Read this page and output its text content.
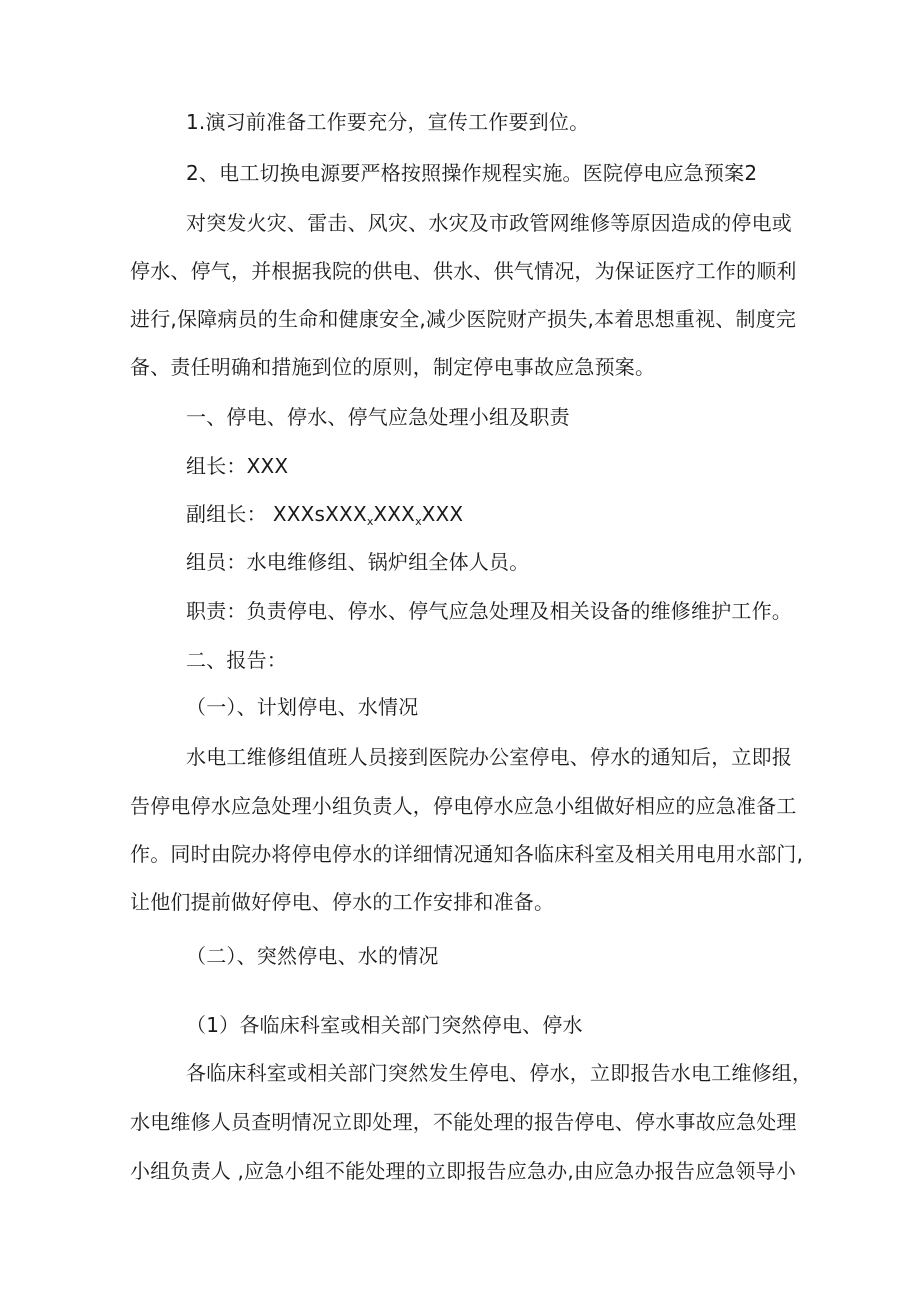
1.演习前准备工作要充分，宣传工作要到位。
2、电工切换电源要严格按照操作规程实施。医院停电应急预案2
对突发火灾、雷击、风灾、水灾及市政管网维修等原因造成的停电或
停水、停气，并根据我院的供电、供水、供气情况，为保证医疗工作的顺利
进行,保障病员的生命和健康安全,减少医院财产损失,本着思想重视、制度完
备、责任明确和措施到位的原则，制定停电事故应急预案。
一、停电、停水、停气应急处理小组及职责
组长：XXX
副组长： $XXXsXXX_xXXX_xXXX$
组员：水电维修组、锅炉组全体人员。
职责：负责停电、停水、停气应急处理及相关设备的维修维护工作。
二、报告：
（一）、计划停电、水情况
水电工维修组值班人员接到医院办公室停电、停水的通知后，立即报
告停电停水应急处理小组负责人，停电停水应急小组做好相应的应急准备工
作。同时由院办将停电停水的详细情况通知各临床科室及相关用电用水部门,
让他们提前做好停电、停水的工作安排和准备。
（二）、突然停电、水的情况
（1）各临床科室或相关部门突然停电、停水
各临床科室或相关部门突然发生停电、停水，立即报告水电工维修组，
水电维修人员查明情况立即处理，不能处理的报告停电、停水事故应急处理
小组负责人 ,应急小组不能处理的立即报告应急办,由应急办报告应急领导小
